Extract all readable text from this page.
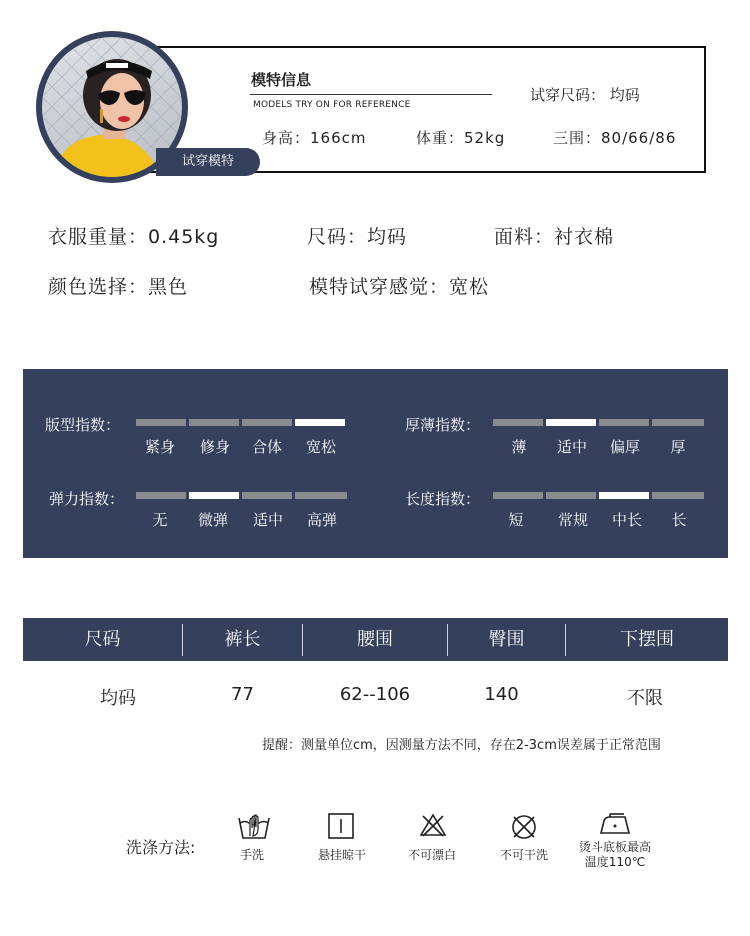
试穿模特
模特信息
MODELS TRY ON FOR REFERENCE
试穿尺码： 均码
身高：166cm	体重：52kg	三围：80/66/86
衣服重量：0.45kg	尺码：均码	面料：衬衣棉
颜色选择：黑色	模特试穿感觉：宽松
版型指数：
紧身	修身	合体	宽松
厚薄指数：
薄	适中	偏厚	厚
弹力指数：
无	微弹	适中	高弹
长度指数：
短	常规	中长	长
尺码	裤长	腰围	臀围	下摆围
均码	77	62--106	140	不限
提醒：测量单位cm，因测量方法不同，存在2-3cm误差属于正常范围
洗涤方法:	手洗	悬挂晾干	不可漂白	不可干洗
烫斗底板最高
温度110℃
